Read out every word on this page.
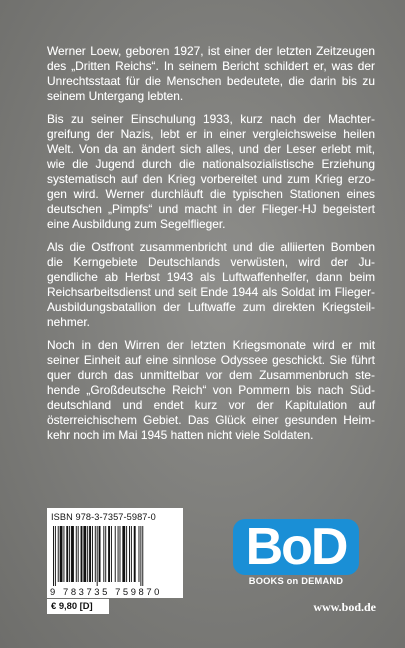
Werner Loew, geboren 1927, ist einer der letzten Zeitzeugen des „Dritten Reichs“. In seinem Bericht schildert er, was der Unrechtsstaat für die Menschen bedeutete, die darin bis zu seinem Untergang lebten.

Bis zu seiner Einschulung 1933, kurz nach der Machtergreifung der Nazis, lebt er in einer vergleichsweise heilen Welt. Von da an ändert sich alles, und der Leser erlebt mit, wie die Jugend durch die nationalsozialistische Erziehung systematisch auf den Krieg vorbereitet und zum Krieg erzogen wird. Werner durchläuft die typischen Stationen eines deutschen „Pimpfs“ und macht in der Flieger-HJ begeistert eine Ausbildung zum Segelflieger.

Als die Ostfront zusammenbricht und die alliierten Bomben die Kerngebiete Deutschlands verwüsten, wird der Jugendliche ab Herbst 1943 als Luftwaffenhelfer, dann beim Reichsarbeitsdienst und seit Ende 1944 als Soldat im Flieger-Ausbildungsbatallion der Luftwaffe zum direkten Kriegsteilnehmer.

Noch in den Wirren der letzten Kriegsmonate wird er mit seiner Einheit auf eine sinnlose Odyssee geschickt. Sie führt quer durch das unmittelbar vor dem Zusammenbruch stehende „Großdeutsche Reich“ von Pommern bis nach Süddeutschland und endet kurz vor der Kapitulation auf österreichischem Gebiet. Das Glück einer gesunden Heimkehr noch im Mai 1945 hatten nicht viele Soldaten.

ISBN 978-3-7357-5987-0
9 783735 759870
€ 9,80 [D]
BoD
BOOKS on DEMAND
www.bod.de
